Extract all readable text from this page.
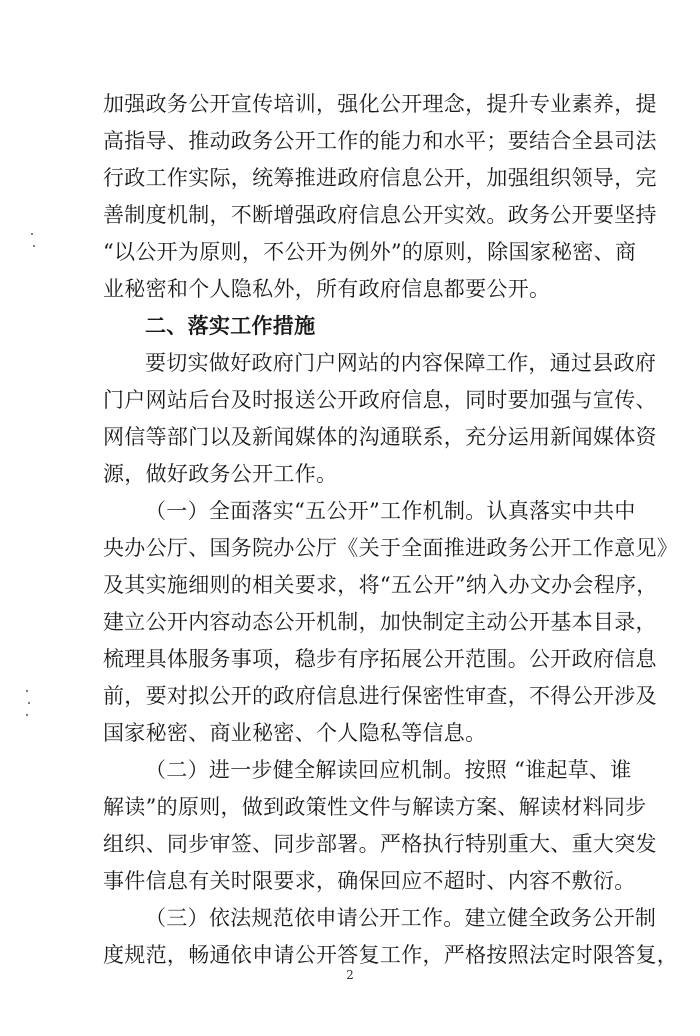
加强政务公开宣传培训，强化公开理念，提升专业素养，提
高指导、推动政务公开工作的能力和水平；要结合全县司法
行政工作实际，统筹推进政府信息公开，加强组织领导，完
善制度机制，不断增强政府信息公开实效。政务公开要坚持
“以公开为原则，不公开为例外”的原则，除国家秘密、商
业秘密和个人隐私外，所有政府信息都要公开。
二、落实工作措施
要切实做好政府门户网站的内容保障工作，通过县政府
门户网站后台及时报送公开政府信息，同时要加强与宣传、
网信等部门以及新闻媒体的沟通联系，充分运用新闻媒体资
源，做好政务公开工作。
（一）全面落实“五公开”工作机制。认真落实中共中
央办公厅、国务院办公厅《关于全面推进政务公开工作意见》
及其实施细则的相关要求，将“五公开”纳入办文办会程序，
建立公开内容动态公开机制，加快制定主动公开基本目录，
梳理具体服务事项，稳步有序拓展公开范围。公开政府信息
前，要对拟公开的政府信息进行保密性审查，不得公开涉及
国家秘密、商业秘密、个人隐私等信息。
（二）进一步健全解读回应机制。按照 “谁起草、谁
解读”的原则，做到政策性文件与解读方案、解读材料同步
组织、同步审签、同步部署。严格执行特别重大、重大突发
事件信息有关时限要求，确保回应不超时、内容不敷衍。
（三）依法规范依申请公开工作。建立健全政务公开制
度规范，畅通依申请公开答复工作，严格按照法定时限答复，
2
